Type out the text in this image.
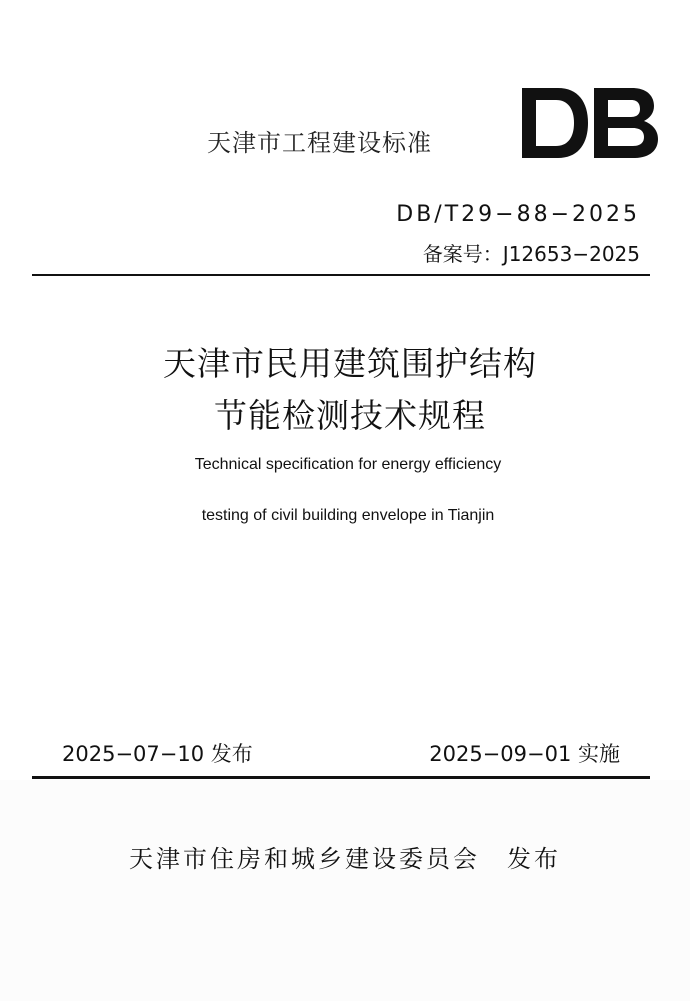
天津市工程建设标准
DB/T29−88−2025
备案号：J12653−2025
天津市民用建筑围护结构
节能检测技术规程
Technical specification for energy efficiency
testing of civil building envelope in Tianjin
2025−07−10 发布	2025−09−01 实施
天津市住房和城乡建设委员会　发布
